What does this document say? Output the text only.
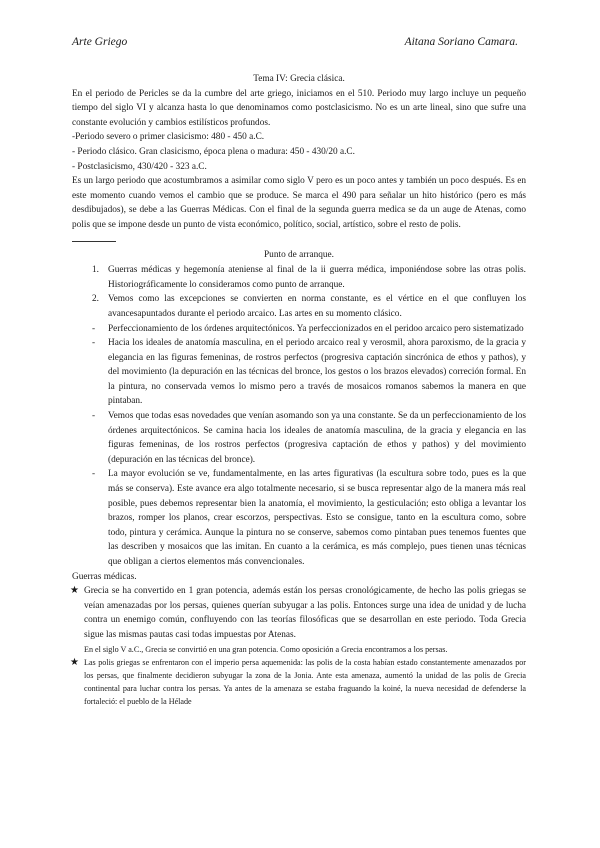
Arte Griego	Aitana Soriano Camara.

Tema IV: Grecia clásica.

En el periodo de Pericles se da la cumbre del arte griego, iniciamos en el 510. Periodo muy largo incluye un pequeño tiempo del siglo VI y alcanza hasta lo que denominamos como postclasicismo. No es un arte lineal, sino que sufre una constante evolución y cambios estilísticos profundos.

-Periodo severo o primer clasicismo: 480 - 450 a.C.

- Periodo clásico. Gran clasicismo, época plena o madura: 450 - 430/20 a.C.

- Postclasicismo, 430/420 - 323 a.C.

Es un largo periodo que acostumbramos a asimilar como siglo V pero es un poco antes y también un poco después. Es en este momento cuando vemos el cambio que se produce. Se marca el 490 para señalar un hito histórico (pero es más desdibujados), se debe a las Guerras Médicas. Con el final de la segunda guerra medica se da un auge de Atenas, como polis que se impone desde un punto de vista económico, político, social, artístico, sobre el resto de polis.

Punto de arranque.

1. Guerras médicas y hegemonía ateniense al final de la ii guerra médica, imponiéndose sobre las otras polis. Historiográficamente lo consideramos como punto de arranque.
2. Vemos como las excepciones se convierten en norma constante, es el vértice en el que confluyen los avancesapuntados durante el periodo arcaico. Las artes en su momento clásico.
-	Perfeccionamiento de los órdenes arquitectónicos. Ya perfeccionizados en el peridoo arcaico pero sistematizado
-	Hacia los ideales de anatomía masculina, en el periodo arcaico real y verosmil, ahora paroxismo, de la gracia y elegancia en las figuras femeninas, de rostros perfectos (progresiva captación sincrónica de ethos y pathos), y del movimiento (la depuración en las técnicas del bronce, los gestos o los brazos elevados) correción formal. En la pintura, no conservada vemos lo mismo pero a través de mosaicos romanos sabemos la manera en que pintaban.
-	Vemos que todas esas novedades que venían asomando son ya una constante. Se da un perfeccionamiento de los órdenes arquitectónicos. Se camina hacia los ideales de anatomía masculina, de la gracia y elegancia en las figuras femeninas, de los rostros perfectos (progresiva captación de ethos y pathos) y del movimiento (depuración en las técnicas del bronce).
-	La mayor evolución se ve, fundamentalmente, en las artes figurativas (la escultura sobre todo, pues es la que más se conserva). Este avance era algo totalmente necesario, si se busca representar algo de la manera más real posible, pues debemos representar bien la anatomía, el movimiento, la gesticulación; esto obliga a levantar los brazos, romper los planos, crear escorzos, perspectivas. Esto se consigue, tanto en la escultura como, sobre todo, pintura y cerámica. Aunque la pintura no se conserve, sabemos como pintaban pues tenemos fuentes que las describen y mosaicos que las imitan. En cuanto a la cerámica, es más complejo, pues tienen unas técnicas que obligan a ciertos elementos más convencionales.

Guerras médicas.

★ Grecia se ha convertido en 1 gran potencia, además están los persas cronológicamente, de hecho las polis griegas se veían amenazadas por los persas, quienes querían subyugar a las polis. Entonces surge una idea de unidad y de lucha contra un enemigo común, confluyendo con las teorías filosóficas que se desarrollan en este periodo. Toda Grecia sigue las mismas pautas casi todas impuestas por Atenas.

En el siglo V a.C., Grecia se convirtió en una gran potencia. Como oposición a Grecia encontramos a los persas.

★ Las polis griegas se enfrentaron con el imperio persa aquemenida: las polis de la costa habían estado constantemente amenazados por los persas, que finalmente decidieron subyugar la zona de la Jonia. Ante esta amenaza, aumentó la unidad de las polis de Grecia continental para luchar contra los persas. Ya antes de la amenaza se estaba fraguando la koiné, la nueva necesidad de defenderse la fortaleció: el pueblo de la Hélade
